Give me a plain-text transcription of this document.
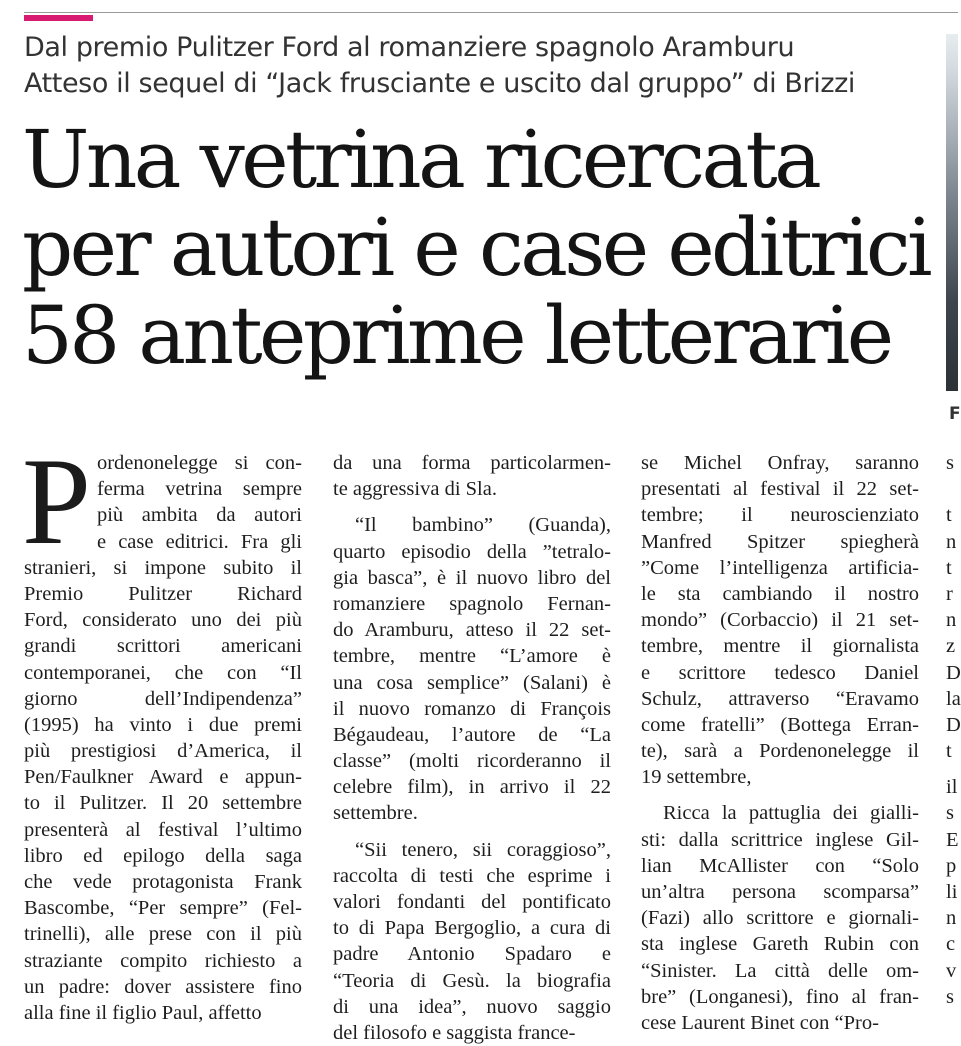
Dal premio Pulitzer Ford al romanziere spagnolo Aramburu

Atteso il sequel di “Jack frusciante e uscito dal gruppo” di Brizzi

Una vetrina ricercata
per autori e case editrici
58 anteprime letterarie
F
P ordenonelegge si con-
ferma vetrina sempre
più ambita da autori
e case editrici. Fra gli
stranieri, si impone subito il
Premio Pulitzer Richard
Ford, considerato uno dei più
grandi scrittori americani
contemporanei, che con “Il
giorno dell’Indipendenza”
(1995) ha vinto i due premi
più prestigiosi d’America, il
Pen/Faulkner Award e appun-
to il Pulitzer. Il 20 settembre
presenterà al festival l’ultimo
libro ed epilogo della saga
che vede protagonista Frank
Bascombe, “Per sempre” (Fel-
trinelli), alle prese con il più
straziante compito richiesto a
un padre: dover assistere fino
alla fine il figlio Paul, affetto

da una forma particolarmen-
te aggressiva di Sla.

“Il bambino” (Guanda),
quarto episodio della ”tetralo-
gia basca”, è il nuovo libro del
romanziere spagnolo Fernan-
do Aramburu, atteso il 22 set-
tembre, mentre “L’amore è
una cosa semplice” (Salani) è
il nuovo romanzo di François
Bégaudeau, l’autore de “La
classe” (molti ricorderanno il
celebre film), in arrivo il 22
settembre.

“Sii tenero, sii coraggioso”,
raccolta di testi che esprime i
valori fondanti del pontificato
to di Papa Bergoglio, a cura di
padre Antonio Spadaro e
“Teoria di Gesù. la biografia
di una idea”, nuovo saggio
del filosofo e saggista france-

se Michel Onfray, saranno
presentati al festival il 22 set-
tembre; il neuroscienziato
Manfred Spitzer spiegherà
”Come l’intelligenza artificia-
le sta cambiando il nostro
mondo” (Corbaccio) il 21 set-
tembre, mentre il giornalista
e scrittore tedesco Daniel
Schulz, attraverso “Eravamo
come fratelli” (Bottega Erran-
te), sarà a Pordenonelegge il
19 settembre,

Ricca la pattuglia dei gialli-
sti: dalla scrittrice inglese Gil-
lian McAllister con “Solo
un’altra persona scomparsa”
(Fazi) allo scrittore e giornali-
sta inglese Gareth Rubin con
“Sinister. La città delle om-
bre” (Longanesi), fino al fran-
cese Laurent Binet con “Pro-

s
t
n
t
r
n
z
D
la
D
t

il
s
E
p
li
n
c
v
s
